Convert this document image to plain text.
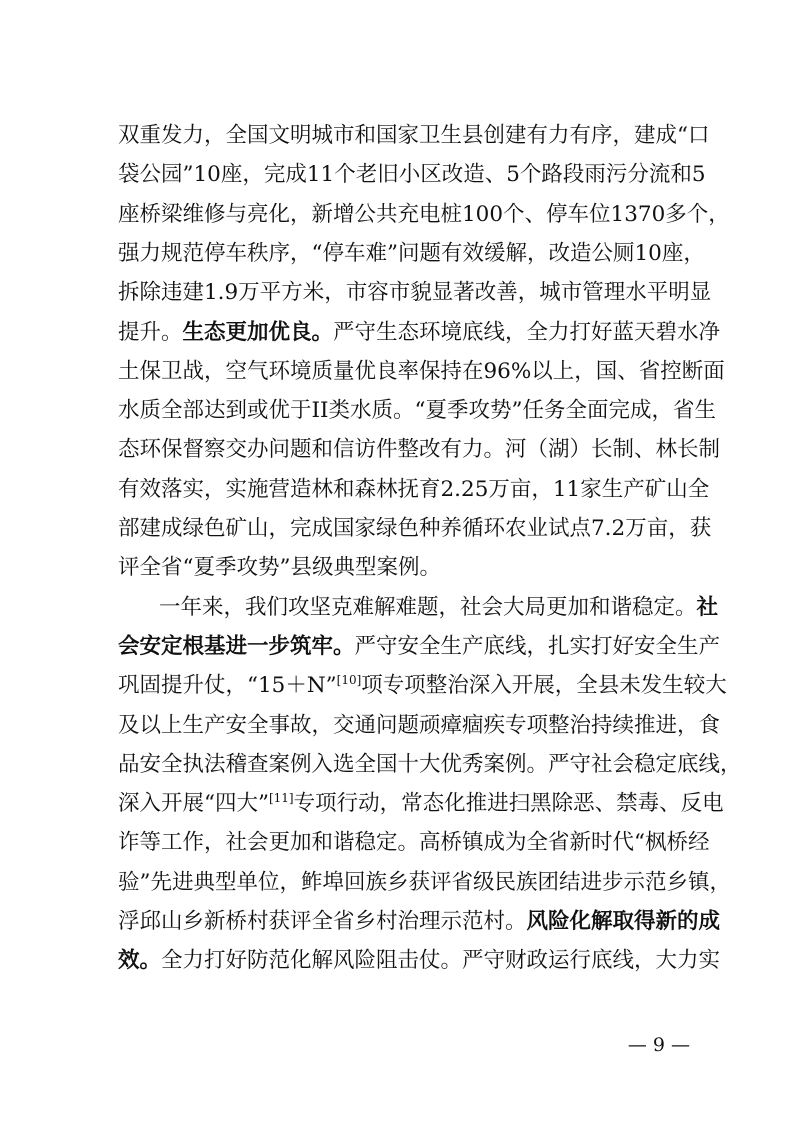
双重发力，全国文明城市和国家卫生县创建有力有序，建成“口
袋公园”10座，完成11个老旧小区改造、5个路段雨污分流和5
座桥梁维修与亮化，新增公共充电桩100个、停车位1370多个，
强力规范停车秩序，“停车难”问题有效缓解，改造公厕10座，
拆除违建1.9万平方米，市容市貌显著改善，城市管理水平明显
提升。生态更加优良。严守生态环境底线，全力打好蓝天碧水净
土保卫战，空气环境质量优良率保持在96%以上，国、省控断面
水质全部达到或优于II类水质。“夏季攻势”任务全面完成，省生
态环保督察交办问题和信访件整改有力。河（湖）长制、林长制
有效落实，实施营造林和森林抚育2.25万亩，11家生产矿山全
部建成绿色矿山，完成国家绿色种养循环农业试点7.2万亩，获
评全省“夏季攻势”县级典型案例。
一年来，我们攻坚克难解难题，社会大局更加和谐稳定。社
会安定根基进一步筑牢。严守安全生产底线，扎实打好安全生产
巩固提升仗，“15＋N”[10]项专项整治深入开展，全县未发生较大
及以上生产安全事故，交通问题顽瘴痼疾专项整治持续推进，食
品安全执法稽查案例入选全国十大优秀案例。严守社会稳定底线，
深入开展“四大”[11]专项行动，常态化推进扫黑除恶、禁毒、反电
诈等工作，社会更加和谐稳定。高桥镇成为全省新时代“枫桥经
验”先进典型单位，鲊埠回族乡获评省级民族团结进步示范乡镇，
浮邱山乡新桥村获评全省乡村治理示范村。风险化解取得新的成
效。全力打好防范化解风险阻击仗。严守财政运行底线，大力实
— 9 —
